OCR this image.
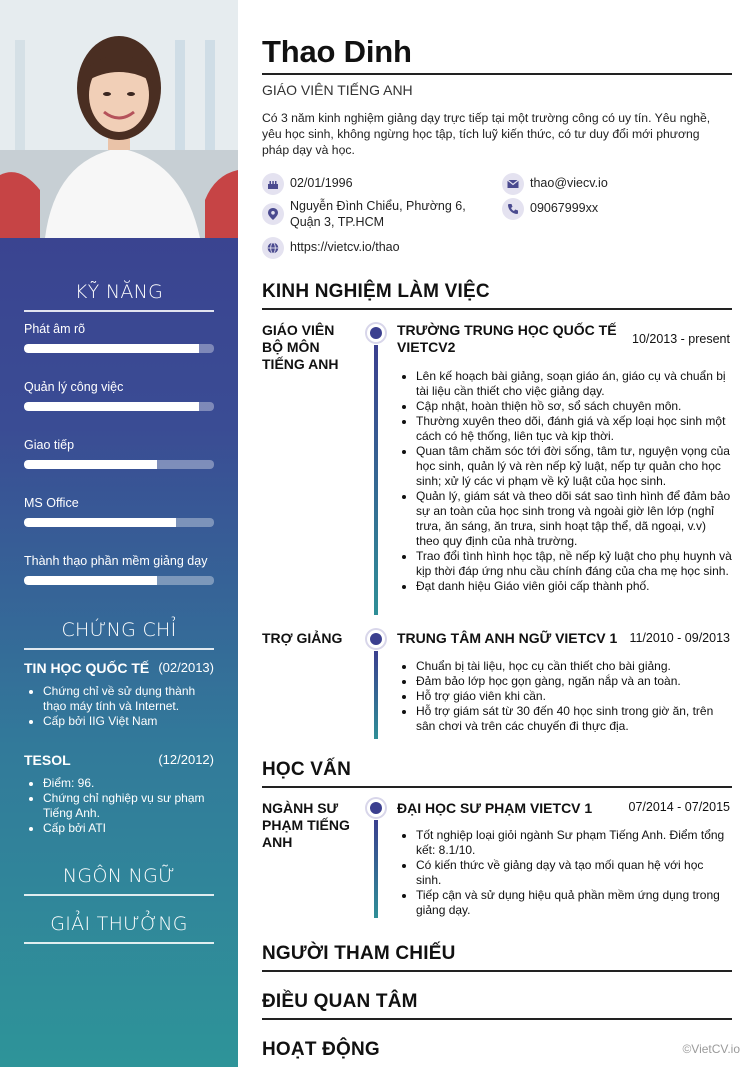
KỸ NĂNG
Phát âm rõ
Quản lý công việc
Giao tiếp
MS Office
Thành thạo phần mềm giảng dạy
CHỨNG CHỈ
TIN HỌC QUỐC TẾ (02/2013)
• Chứng chỉ về sử dụng thành thạo máy tính và Internet.
• Cấp bởi IIG Việt Nam
TESOL	(12/2012)
• Điểm: 96.
• Chứng chỉ nghiệp vụ sư phạm Tiếng Anh.
• Cấp bởi ATI
NGÔN NGỮ
GIẢI THƯỞNG
Thao Dinh
GIÁO VIÊN TIẾNG ANH
Có 3 năm kinh nghiệm giảng dạy trực tiếp tại một trường công có uy tín. Yêu nghề, yêu học sinh, không ngừng học tập, tích luỹ kiến thức, có tư duy đổi mới phương pháp dạy và học.
02/01/1996	thao@viecv.io
Nguyễn Đình Chiểu, Phường 6,
Quận 3, TP.HCM
09067999xx
https://vietcv.io/thao
KINH NGHIỆM LÀM VIỆC
GIÁO VIÊN BỘ MÔN TIẾNG ANH
TRƯỜNG TRUNG HỌC QUỐC TẾ VIETCV2	10/2013 - present
• Lên kế hoạch bài giảng, soạn giáo án, giáo cụ và chuẩn bị tài liệu cần thiết cho việc giảng dạy.
• Cập nhật, hoàn thiện hồ sơ, sổ sách chuyên môn.
• Thường xuyên theo dõi, đánh giá và xếp loại học sinh một cách có hệ thống, liên tục và kịp thời.
• Quan tâm chăm sóc tới đời sống, tâm tư, nguyện vọng của học sinh, quản lý và rèn nếp kỷ luật, nếp tự quản cho học sinh; xử lý các vi phạm về kỷ luật của học sinh.
• Quản lý, giám sát và theo dõi sát sao tình hình để đảm bảo sự an toàn của học sinh trong và ngoài giờ lên lớp (nghỉ trưa, ăn sáng, ăn trưa, sinh hoạt tập thể, dã ngoại, v.v) theo quy định của nhà trường.
• Trao đổi tình hình học tập, nề nếp kỷ luật cho phụ huynh và kịp thời đáp ứng nhu cầu chính đáng của cha mẹ học sinh.
• Đạt danh hiệu Giáo viên giỏi cấp thành phố.
TRỢ GIẢNG	TRUNG TÂM ANH NGỮ VIETCV 1 11/2010 - 09/2013
• Chuẩn bị tài liệu, học cụ cần thiết cho bài giảng.
• Đảm bảo lớp học gọn gàng, ngăn nắp và an toàn.
• Hỗ trợ giáo viên khi cần.
• Hỗ trợ giám sát từ 30 đến 40 học sinh trong giờ ăn, trên sân chơi và trên các chuyến đi thực địa.
HỌC VẤN
NGÀNH SƯ PHẠM TIẾNG ANH
ĐẠI HỌC SƯ PHẠM VIETCV 1	07/2014 - 07/2015
• Tốt nghiệp loại giỏi ngành Sư phạm Tiếng Anh. Điểm tổng kết: 8.1/10.
• Có kiến thức về giảng dạy và tạo mối quan hệ với học sinh.
• Tiếp cận và sử dụng hiệu quả phần mềm ứng dụng trong giảng dạy.
NGƯỜI THAM CHIẾU
ĐIỀU QUAN TÂM
HOẠT ĐỘNG	©VietCV.io
